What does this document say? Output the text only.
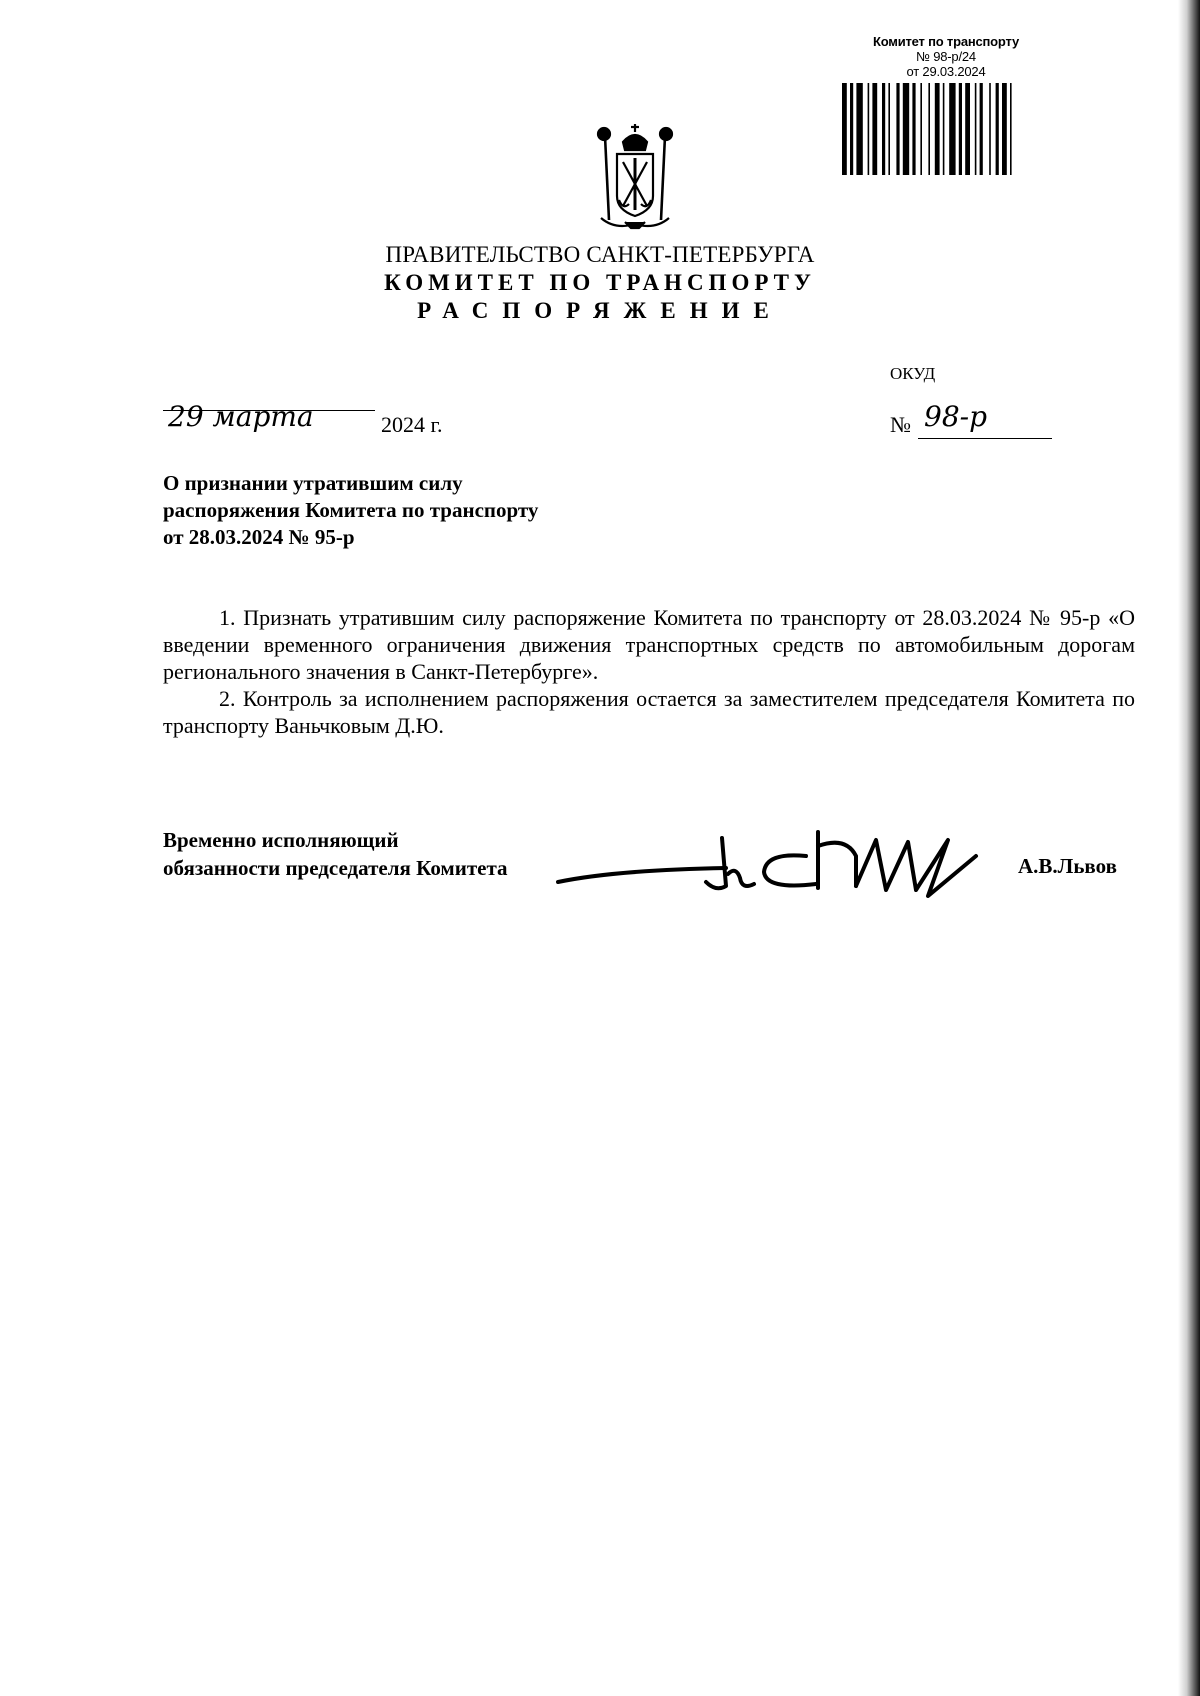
Комитет по транспорту
№ 98-р/24
от 29.03.2024
ПРАВИТЕЛЬСТВО САНКТ-ПЕТЕРБУРГА
КОМИТЕТ ПО ТРАНСПОРТУ
РАСПОРЯЖЕНИЕ
ОКУД
29 марта	2024 г.	№ 98-р
О признании утратившим силу
распоряжения Комитета по транспорту
от 28.03.2024 № 95-р

1. Признать утратившим силу распоряжение Комитета по транспорту от 28.03.2024 № 95-р «О введении временного ограничения движения транспортных средств по автомобильным дорогам регионального значения в Санкт-Петербурге».

2. Контроль за исполнением распоряжения остается за заместителем председателя Комитета по транспорту Ваньчковым Д.Ю.

Временно исполняющий
обязанности председателя Комитета	А.В.Львов
